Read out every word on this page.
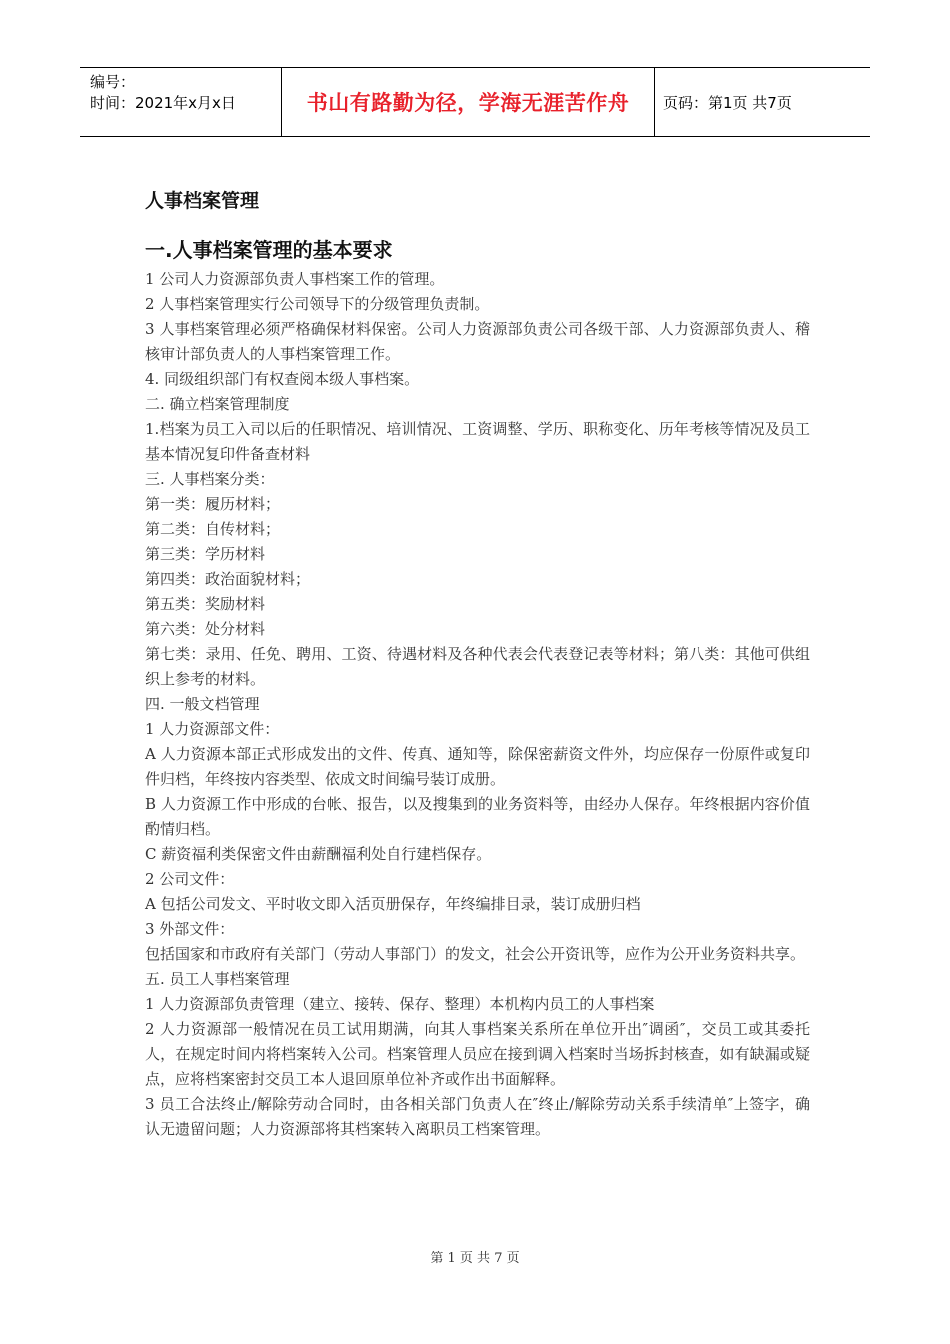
编号：
时间：2021年x月x日	书山有路勤为径，学海无涯苦作舟 页码：第1页 共7页
人事档案管理
一.人事档案管理的基本要求

1 公司人力资源部负责人事档案工作的管理。

2 人事档案管理实行公司领导下的分级管理负责制。

3 人事档案管理必须严格确保材料保密。公司人力资源部负责公司各级干部、人力资源部负责人、稽核审计部负责人的人事档案管理工作。

4. 同级组织部门有权查阅本级人事档案。

二. 确立档案管理制度

1.档案为员工入司以后的任职情况、培训情况、工资调整、学历、职称变化、历年考核等情况及员工基本情况复印件备查材料

三. 人事档案分类：

第一类：履历材料；

第二类：自传材料；

第三类：学历材料

第四类：政治面貌材料；

第五类：奖励材料

第六类：处分材料

第七类：录用、任免、聘用、工资、待遇材料及各种代表会代表登记表等材料；第八类：其他可供组织上参考的材料。

四. 一般文档管理

1 人力资源部文件：

A 人力资源本部正式形成发出的文件、传真、通知等，除保密薪资文件外，均应保存一份原件或复印件归档，年终按内容类型、依成文时间编号装订成册。

B 人力资源工作中形成的台帐、报告，以及搜集到的业务资料等，由经办人保存。年终根据内容价值酌情归档。

C 薪资福利类保密文件由薪酬福利处自行建档保存。

2 公司文件：

A 包括公司发文、平时收文即入活页册保存，年终编排目录，装订成册归档

3 外部文件：

包括国家和市政府有关部门（劳动人事部门）的发文，社会公开资讯等，应作为公开业务资料共享。

五. 员工人事档案管理

1 人力资源部负责管理（建立、接转、保存、整理）本机构内员工的人事档案

2 人力资源部一般情况在员工试用期满，向其人事档案关系所在单位开出″调函″，交员工或其委托人，在规定时间内将档案转入公司。档案管理人员应在接到调入档案时当场拆封核查，如有缺漏或疑点，应将档案密封交员工本人退回原单位补齐或作出书面解释。

3 员工合法终止/解除劳动合同时，由各相关部门负责人在″终止/解除劳动关系手续清单″上签字，确认无遗留问题；人力资源部将其档案转入离职员工档案管理。

第 1 页 共 7 页
